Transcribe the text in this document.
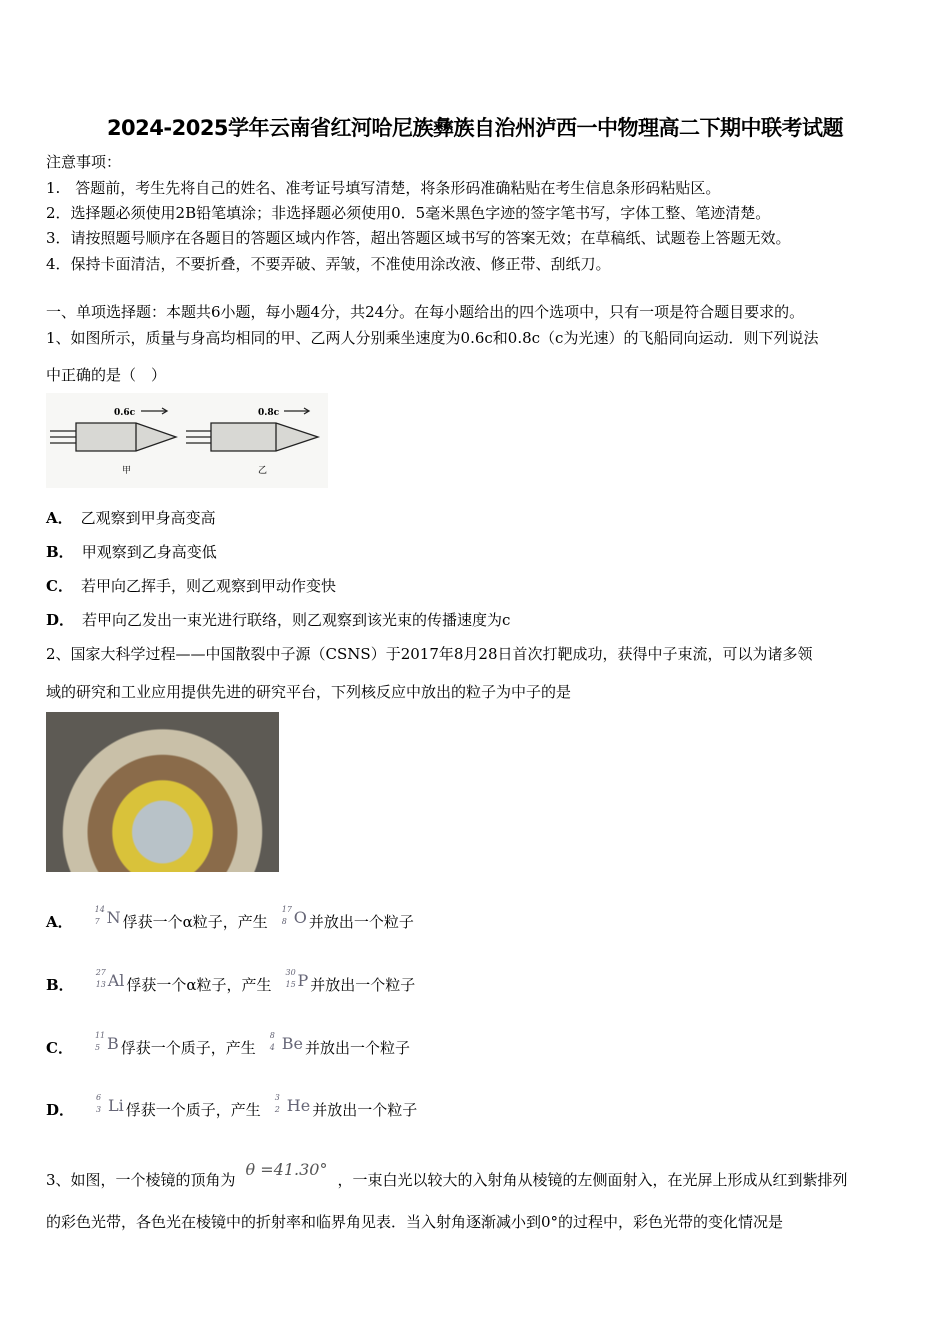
2024-2025学年云南省红河哈尼族彝族自治州泸西一中物理高二下期中联考试题
注意事项：
1.　答题前，考生先将自己的姓名、准考证号填写清楚，将条形码准确粘贴在考生信息条形码粘贴区。
2．选择题必须使用2B铅笔填涂；非选择题必须使用0．5毫米黑色字迹的签字笔书写，字体工整、笔迹清楚。
3．请按照题号顺序在各题目的答题区域内作答，超出答题区域书写的答案无效；在草稿纸、试题卷上答题无效。
4．保持卡面清洁，不要折叠，不要弄破、弄皱，不准使用涂改液、修正带、刮纸刀。
一、单项选择题：本题共6小题，每小题4分，共24分。在每小题给出的四个选项中，只有一项是符合题目要求的。
1、如图所示，质量与身高均相同的甲、乙两人分别乘坐速度为0.6c和0.8c（c为光速）的飞船同向运动．则下列说法
中正确的是（　）
0.6c	0.8c
甲	乙
A． 乙观察到甲身高变高
B． 甲观察到乙身高变低
C． 若甲向乙挥手，则乙观察到甲动作变快
D． 若甲向乙发出一束光进行联络，则乙观察到该光束的传播速度为c
2、国家大科学过程——中国散裂中子源（CSNS）于2017年8月28日首次打靶成功，获得中子束流，可以为诸多领
域的研究和工业应用提供先进的研究平台，下列核反应中放出的粒子为中子的是
A．
14
7 N 俘获一个α粒子，产生
17
8 O 并放出一个粒子
B．
27
13 Al 俘获一个α粒子，产生
30
15 P 并放出一个粒子
C．
11
5 B 俘获一个质子，产生
8
4 Be 并放出一个粒子
D．
6
3 Li 俘获一个质子，产生
3
2 He 并放出一个粒子
3、如图，一个棱镜的顶角为θ =41.30°，一束白光以较大的入射角从棱镜的左侧面射入，在光屏上形成从红到紫排列
的彩色光带，各色光在棱镜中的折射率和临界角见表．当入射角逐渐减小到0°的过程中，彩色光带的变化情况是
